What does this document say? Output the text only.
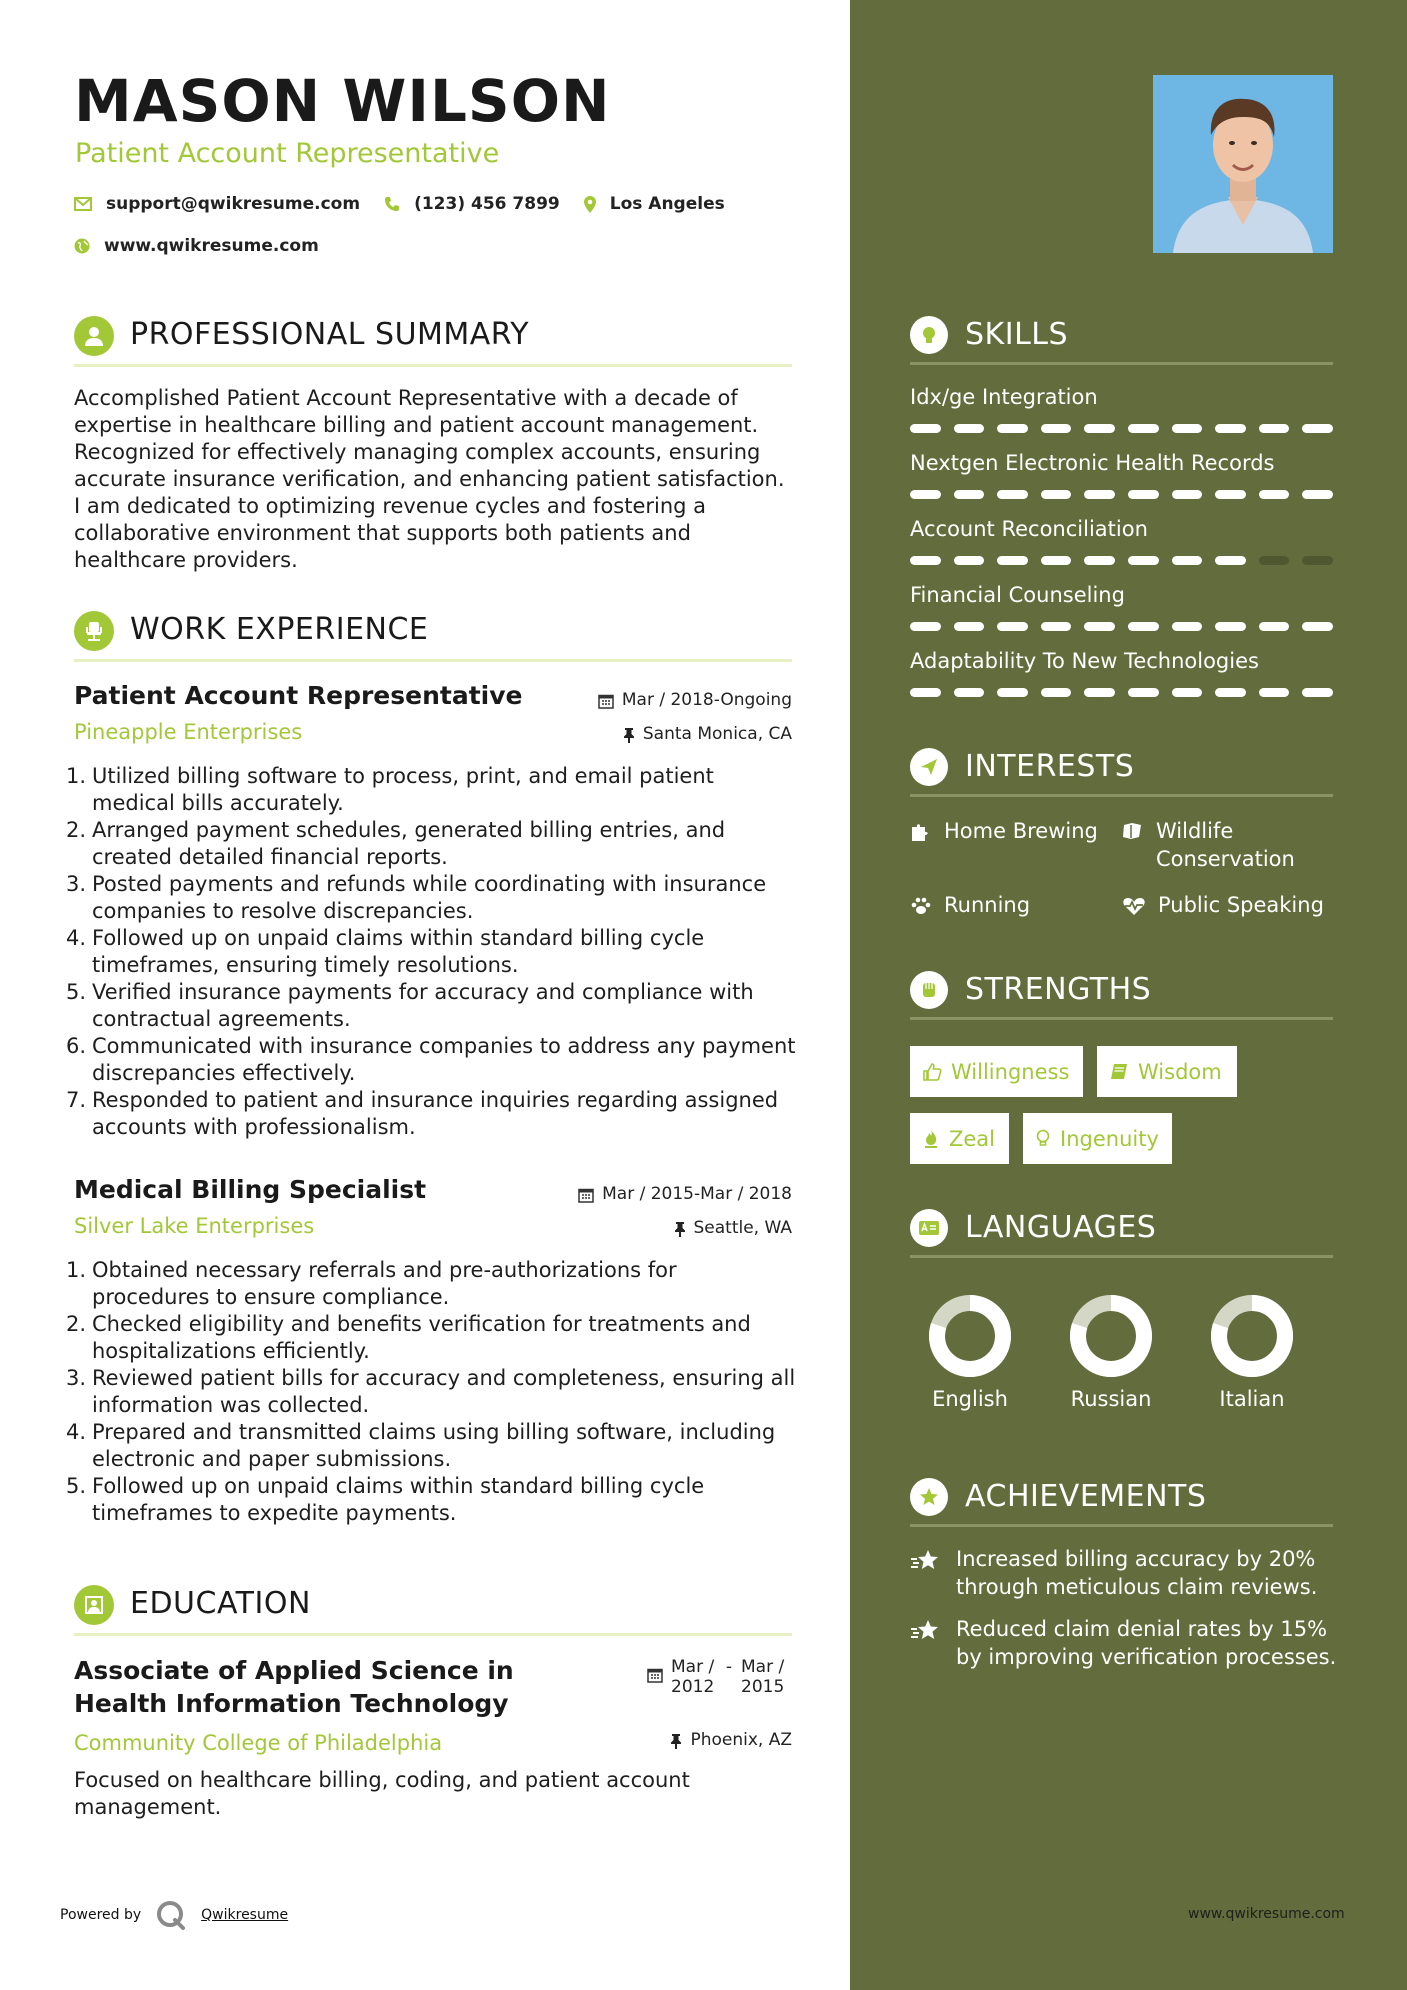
MASON WILSON
Patient Account Representative
support@qwikresume.com	(123) 456 7899	Los Angeles
www.qwikresume.com
PROFESSIONAL SUMMARY
Accomplished Patient Account Representative with a decade of expertise in healthcare billing and patient account management. Recognized for effectively managing complex accounts, ensuring accurate insurance verification, and enhancing patient satisfaction. I am dedicated to optimizing revenue cycles and fostering a collaborative environment that supports both patients and healthcare providers.
WORK EXPERIENCE
Patient Account Representative
Pineapple Enterprises
Mar / 2018-Ongoing
Santa Monica, CA
1. Utilized billing software to process, print, and email patient medical bills accurately.
2. Arranged payment schedules, generated billing entries, and created detailed financial reports.
3. Posted payments and refunds while coordinating with insurance companies to resolve discrepancies.
4. Followed up on unpaid claims within standard billing cycle timeframes, ensuring timely resolutions.
5. Verified insurance payments for accuracy and compliance with contractual agreements.
6. Communicated with insurance companies to address any payment discrepancies effectively.
7. Responded to patient and insurance inquiries regarding assigned accounts with professionalism.
Medical Billing Specialist
Silver Lake Enterprises
Mar / 2015-Mar / 2018
Seattle, WA
1. Obtained necessary referrals and pre-authorizations for procedures to ensure compliance.
2. Checked eligibility and benefits verification for treatments and hospitalizations efficiently.
3. Reviewed patient bills for accuracy and completeness, ensuring all information was collected.
4. Prepared and transmitted claims using billing software, including electronic and paper submissions.
5. Followed up on unpaid claims within standard billing cycle timeframes to expedite payments.
EDUCATION
Associate of Applied Science in Health Information Technology
Community College of Philadelphia
Mar / 2012
- Mar / 2015
Phoenix, AZ
Focused on healthcare billing, coding, and patient account management.
Powered by	Qwikresume
SKILLS
Idx/ge Integration
Nextgen Electronic Health Records
Account Reconciliation
Financial Counseling
Adaptability To New Technologies
INTERESTS
Home Brewing	Wildlife Conservation
Running	Public Speaking
STRENGTHS
Willingness	Wisdom
Zeal	Ingenuity
LANGUAGES
English	Russian	Italian
ACHIEVEMENTS
Increased billing accuracy by 20% through meticulous claim reviews.
Reduced claim denial rates by 15% by improving verification processes.
www.qwikresume.com
